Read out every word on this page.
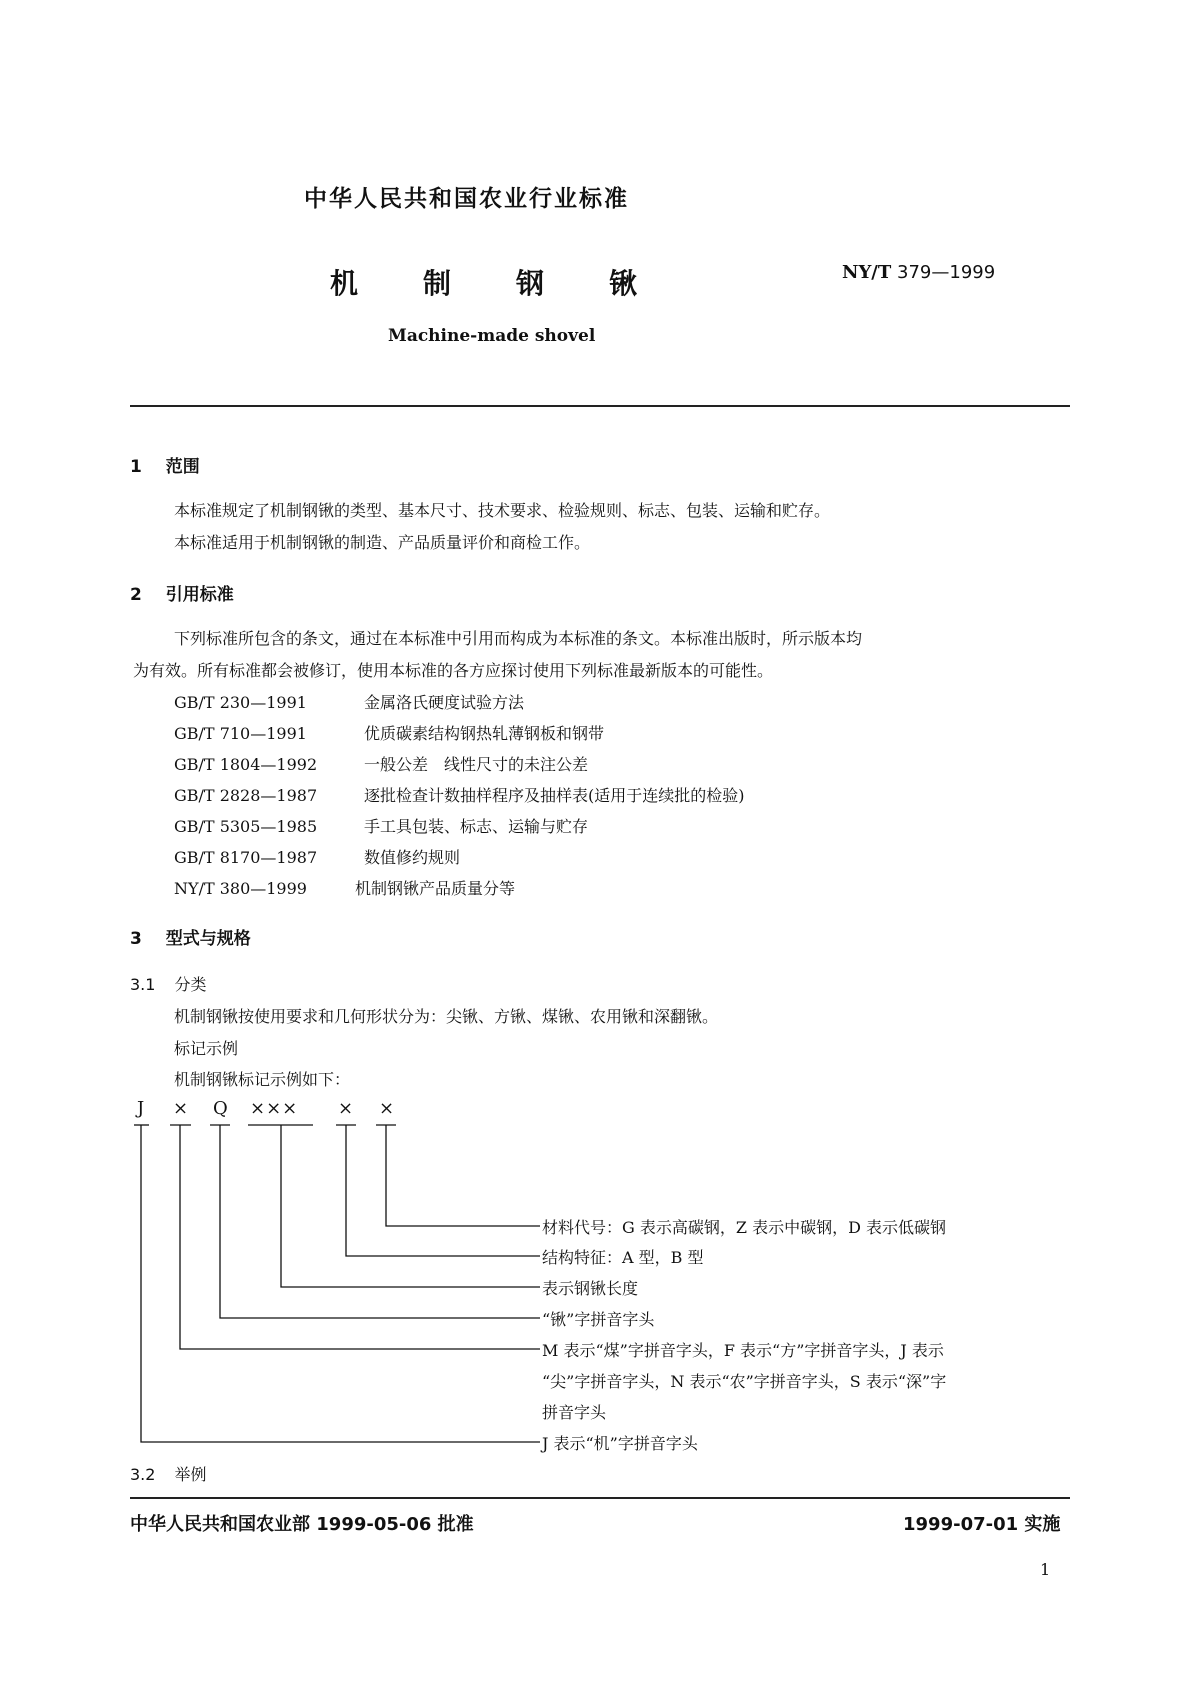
中华人民共和国农业行业标准
机	制	钢	锹	NY/T 379—1999
Machine-made shovel
1 范围
本标准规定了机制钢锹的类型、基本尺寸、技术要求、检验规则、标志、包装、运输和贮存。
本标准适用于机制钢锹的制造、产品质量评价和商检工作。
2 引用标准
下列标准所包含的条文，通过在本标准中引用而构成为本标准的条文。本标准出版时，所示版本均
为有效。所有标准都会被修订，使用本标准的各方应探讨使用下列标准最新版本的可能性。
GB/T 230—1991	金属洛氏硬度试验方法
GB/T 710—1991	优质碳素结构钢热轧薄钢板和钢带
GB/T 1804—1992	一般公差　线性尺寸的未注公差
GB/T 2828—1987	逐批检查计数抽样程序及抽样表(适用于连续批的检验)
GB/T 5305—1985	手工具包装、标志、运输与贮存
GB/T 8170—1987	数值修约规则
NY/T 380—1999	机制钢锹产品质量分等
3 型式与规格
3.1 分类
机制钢锹按使用要求和几何形状分为：尖锹、方锹、煤锹、农用锹和深翻锹。
标记示例
机制钢锹标记示例如下：
J × Q ××× × ×
材料代号：G 表示高碳钢，Z 表示中碳钢，D 表示低碳钢
结构特征：A 型，B 型
表示钢锹长度
“锹”字拼音字头
M 表示“煤”字拼音字头，F 表示“方”字拼音字头，J 表示
“尖”字拼音字头，N 表示“农”字拼音字头，S 表示“深”字
拼音字头
J 表示“机”字拼音字头
3.2 举例
中华人民共和国农业部 1999-05-06 批准	1999-07-01 实施
1
